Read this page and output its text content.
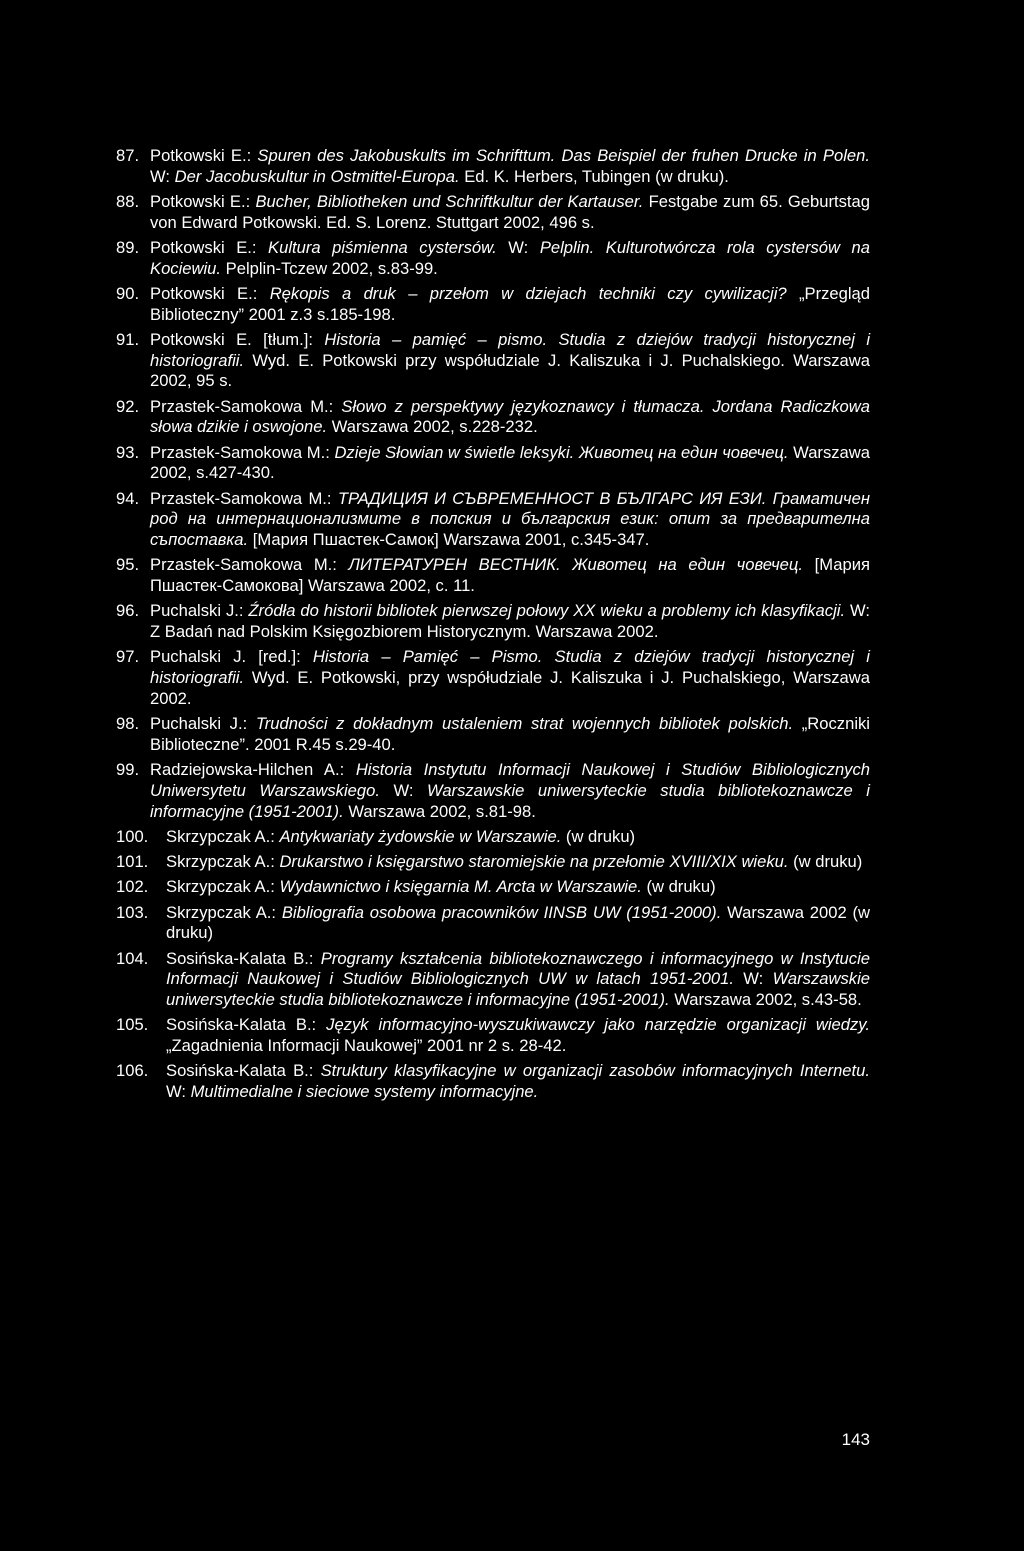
87. Potkowski E.: Spuren des Jakobuskults im Schrifttum. Das Beispiel der fruhen Drucke in Polen. W: Der Jacobuskultur in Ostmittel-Europa. Ed. K. Herbers, Tubingen (w druku).
88. Potkowski E.: Bucher, Bibliotheken und Schriftkultur der Kartauser. Festgabe zum 65. Geburtstag von Edward Potkowski. Ed. S. Lorenz. Stuttgart 2002, 496 s.
89. Potkowski E.: Kultura piśmienna cystersów. W: Pelplin. Kulturotwórcza rola cystersów na Kociewiu. Pelplin-Tczew 2002, s.83-99.
90. Potkowski E.: Rękopis a druk – przełom w dziejach techniki czy cywilizacji? „Przegląd Biblioteczny” 2001 z.3 s.185-198.
91. Potkowski E. [tłum.]: Historia – pamięć – pismo. Studia z dziejów tradycji historycznej i historiografii. Wyd. E. Potkowski przy współudziale J. Kaliszuka i J. Puchalskiego. Warszawa 2002, 95 s.
92. Przastek-Samokowa M.: Słowo z perspektywy językoznawcy i tłumacza. Jordana Radiczkowa słowa dzikie i oswojone. Warszawa 2002, s.228-232.
93. Przastek-Samokowa M.: Dzieje Słowian w świetle leksyki. Животец на един човечец. Warszawa 2002, s.427-430.
94. Przastek-Samokowa M.: ТРАДИЦИЯ И СЪВРЕМЕННОСТ В БЪЛГАРС ИЯ ЕЗИ. Граматичен род на интернационализмите в полския и българския език: опит за предварителна съпоставка. [Мария Пшастек-Самок] Warszawa 2001, с.345-347.
95. Przastek-Samokowa M.: ЛИТЕРАТУРЕН ВЕСТНИК. Животец на един човечец. [Мария Пшастек-Самокова] Warszawa 2002, с. 11.
96. Puchalski J.: Źródła do historii bibliotek pierwszej połowy XX wieku a problemy ich klasyfikacji. W: Z Badań nad Polskim Księgozbiorem Historycznym. Warszawa 2002.
97. Puchalski J. [red.]: Historia – Pamięć – Pismo. Studia z dziejów tradycji historycznej i historiografii. Wyd. E. Potkowski, przy współudziale J. Kaliszuka i J. Puchalskiego, Warszawa 2002.
98. Puchalski J.: Trudności z dokładnym ustaleniem strat wojennych bibliotek polskich. „Roczniki Biblioteczne”. 2001 R.45 s.29-40.
99. Radziejowska-Hilchen A.: Historia Instytutu Informacji Naukowej i Studiów Bibliologicznych Uniwersytetu Warszawskiego. W: Warszawskie uniwersyteckie studia bibliotekoznawcze i informacyjne (1951-2001). Warszawa 2002, s.81-98.
100. Skrzypczak A.: Antykwariaty żydowskie w Warszawie. (w druku)
101. Skrzypczak A.: Drukarstwo i księgarstwo staromiejskie na przełomie XVIII/XIX wieku. (w druku)
102. Skrzypczak A.: Wydawnictwo i księgarnia M. Arcta w Warszawie. (w druku)
103. Skrzypczak A.: Bibliografia osobowa pracowników IINSB UW (1951-2000). Warszawa 2002 (w druku)
104. Sosińska-Kalata B.: Programy kształcenia bibliotekoznawczego i informacyjnego w Instytucie Informacji Naukowej i Studiów Bibliologicznych UW w latach 1951-2001. W: Warszawskie uniwersyteckie studia bibliotekoznawcze i informacyjne (1951-2001). Warszawa 2002, s.43-58.
105. Sosińska-Kalata B.: Język informacyjno-wyszukiwawczy jako narzędzie organizacji wiedzy. „Zagadnienia Informacji Naukowej” 2001 nr 2 s. 28-42.
106. Sosińska-Kalata B.: Struktury klasyfikacyjne w organizacji zasobów informacyjnych Internetu. W: Multimedialne i sieciowe systemy informacyjne.
143
